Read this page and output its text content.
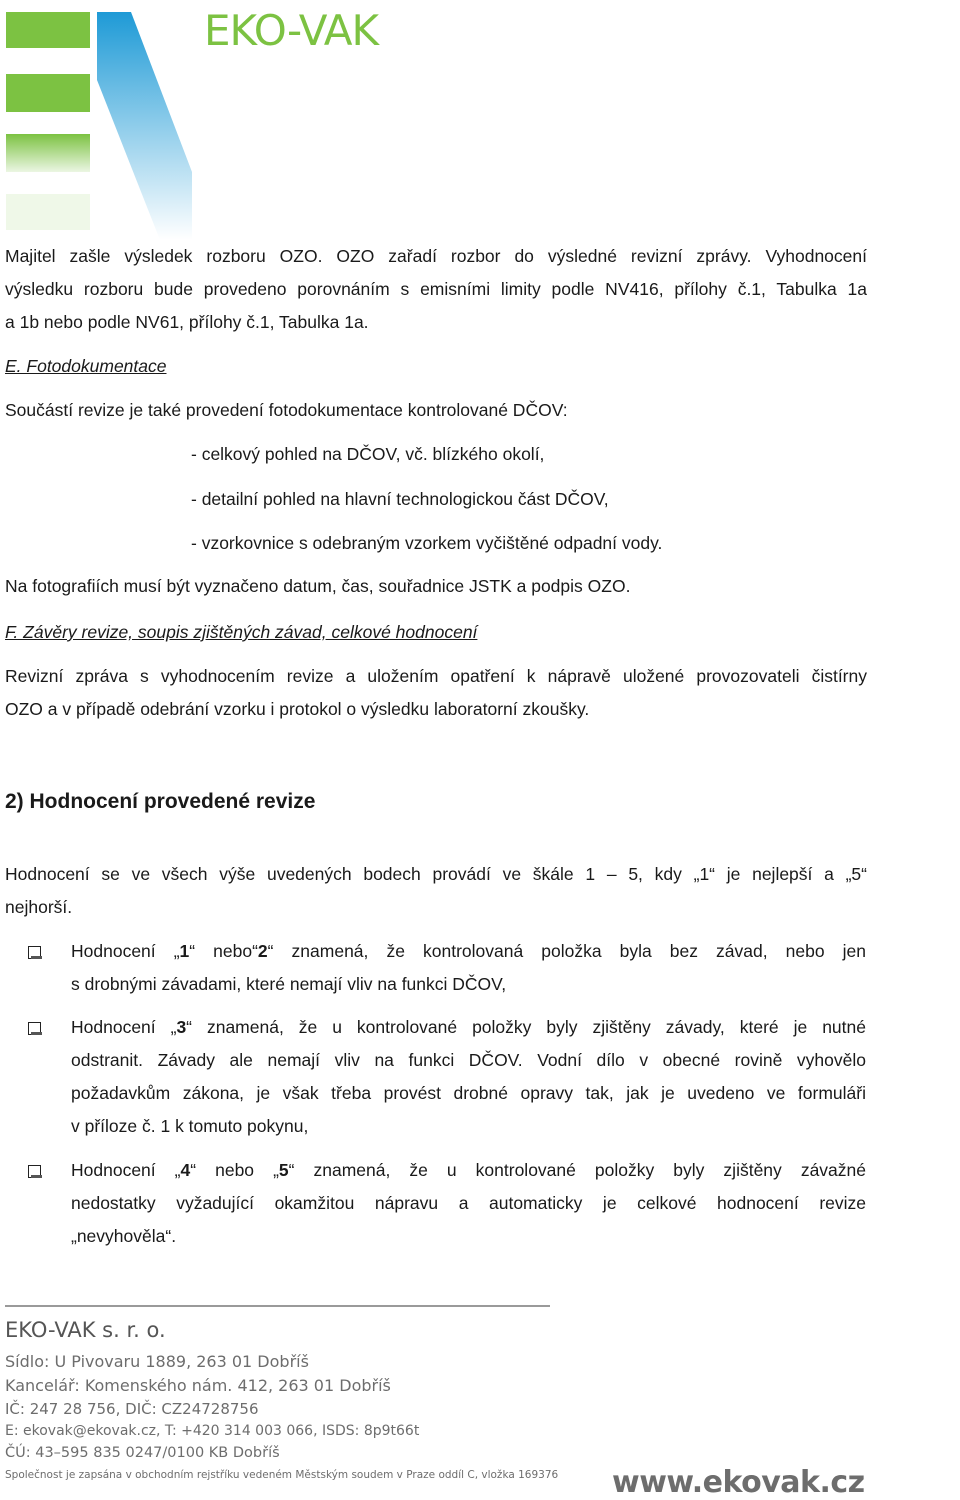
EKO-VAK
Majitel zašle výsledek rozboru OZO. OZO zařadí rozbor do výsledné revizní zprávy. Vyhodnocení
výsledku rozboru bude provedeno porovnáním s emisními limity podle NV416, přílohy č.1, Tabulka 1a
a 1b nebo podle NV61, přílohy č.1, Tabulka 1a.
E. Fotodokumentace
Součástí revize je také provedení fotodokumentace kontrolované DČOV:
- celkový pohled na DČOV, vč. blízkého okolí,
- detailní pohled na hlavní technologickou část DČOV,
- vzorkovnice s odebraným vzorkem vyčištěné odpadní vody.
Na fotografiích musí být vyznačeno datum, čas, souřadnice JSTK a podpis OZO.
F. Závěry revize, soupis zjištěných závad, celkové hodnocení
Revizní zpráva s vyhodnocením revize a uložením opatření k nápravě uložené provozovateli čistírny
OZO a v případě odebrání vzorku i protokol o výsledku laboratorní zkoušky.
2) Hodnocení provedené revize
Hodnocení se ve všech výše uvedených bodech provádí ve škále 1 – 5, kdy „1“ je nejlepší a „5“
nejhorší.
Hodnocení „1“ nebo“2“ znamená, že kontrolovaná položka byla bez závad, nebo jen
s drobnými závadami, které nemají vliv na funkci DČOV,
Hodnocení „3“ znamená, že u kontrolované položky byly zjištěny závady, které je nutné
odstranit. Závady ale nemají vliv na funkci DČOV. Vodní dílo v obecné rovině vyhovělo
požadavkům zákona, je však třeba provést drobné opravy tak, jak je uvedeno ve formuláři
v příloze č. 1 k tomuto pokynu,
Hodnocení „4“ nebo „5“ znamená, že u kontrolované položky byly zjištěny závažné
nedostatky vyžadující okamžitou nápravu a automaticky je celkové hodnocení revize
„nevyhověla“.
EKO-VAK s. r. o.
Sídlo: U Pivovaru 1889, 263 01 Dobříš
Kancelář: Komenského nám. 412, 263 01 Dobříš
IČ: 247 28 756, DIČ: CZ24728756
E: ekovak@ekovak.cz, T: +420 314 003 066, ISDS: 8p9t66t
ČÚ: 43–595 835 0247/0100 KB Dobříš
Společnost je zapsána v obchodním rejstříku vedeném Městským soudem v Praze oddíl C, vložka 169376 www.ekovak.cz
